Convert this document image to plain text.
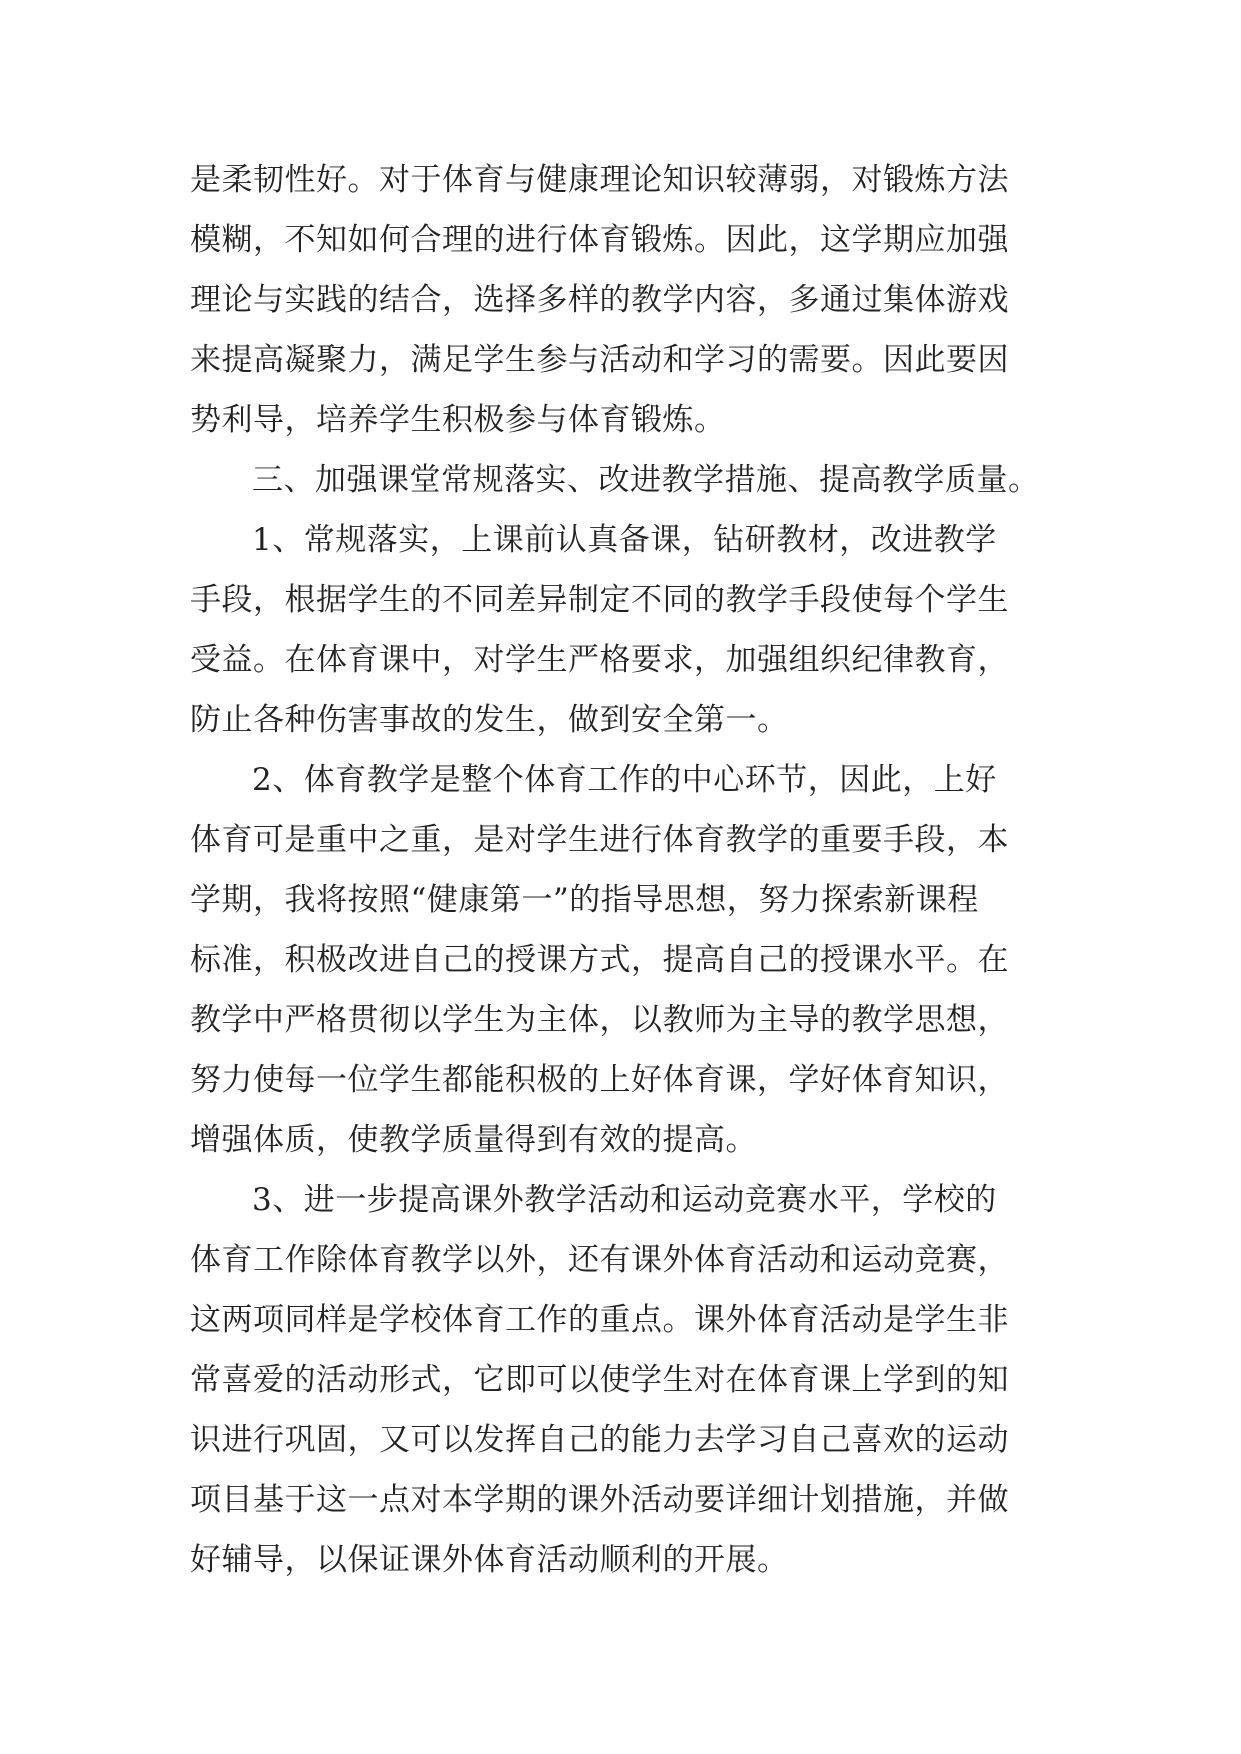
是柔韧性好。对于体育与健康理论知识较薄弱，对锻炼方法
模糊，不知如何合理的进行体育锻炼。因此，这学期应加强
理论与实践的结合，选择多样的教学内容，多通过集体游戏
来提高凝聚力，满足学生参与活动和学习的需要。因此要因
势利导，培养学生积极参与体育锻炼。
三、加强课堂常规落实、改进教学措施、提高教学质量。
1、常规落实，上课前认真备课，钻研教材，改进教学
手段，根据学生的不同差异制定不同的教学手段使每个学生
受益。在体育课中，对学生严格要求，加强组织纪律教育，
防止各种伤害事故的发生，做到安全第一。
2、体育教学是整个体育工作的中心环节，因此，上好
体育可是重中之重，是对学生进行体育教学的重要手段，本
学期，我将按照“健康第一”的指导思想，努力探索新课程
标准，积极改进自己的授课方式，提高自己的授课水平。在
教学中严格贯彻以学生为主体，以教师为主导的教学思想，
努力使每一位学生都能积极的上好体育课，学好体育知识，
增强体质，使教学质量得到有效的提高。
3、进一步提高课外教学活动和运动竞赛水平，学校的
体育工作除体育教学以外，还有课外体育活动和运动竞赛，
这两项同样是学校体育工作的重点。课外体育活动是学生非
常喜爱的活动形式，它即可以使学生对在体育课上学到的知
识进行巩固，又可以发挥自己的能力去学习自己喜欢的运动
项目基于这一点对本学期的课外活动要详细计划措施，并做
好辅导，以保证课外体育活动顺利的开展。
